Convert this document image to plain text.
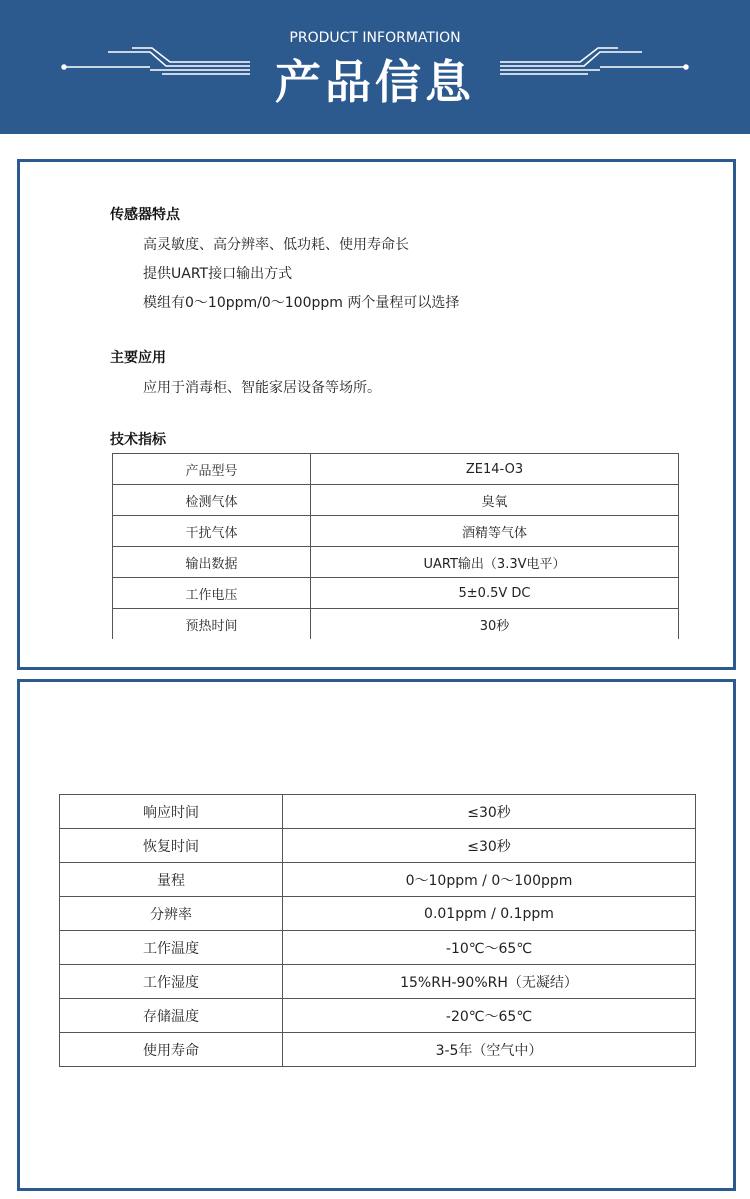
PRODUCT INFORMATION
产品信息
传感器特点
高灵敏度、高分辨率、低功耗、使用寿命长
提供UART接口输出方式
模组有0～10ppm/0～100ppm 两个量程可以选择
主要应用
应用于消毒柜、智能家居设备等场所。
技术指标
产品型号	ZE14-O3
检测气体	臭氧
干扰气体	酒精等气体
输出数据	UART输出（3.3V电平）
工作电压	5±0.5V DC
预热时间	30秒
响应时间	≤30秒
恢复时间	≤30秒
量程	0～10ppm / 0～100ppm
分辨率	0.01ppm / 0.1ppm
工作温度	-10℃～65℃
工作湿度	15%RH-90%RH（无凝结）
存储温度	-20℃～65℃
使用寿命	3-5年（空气中）
